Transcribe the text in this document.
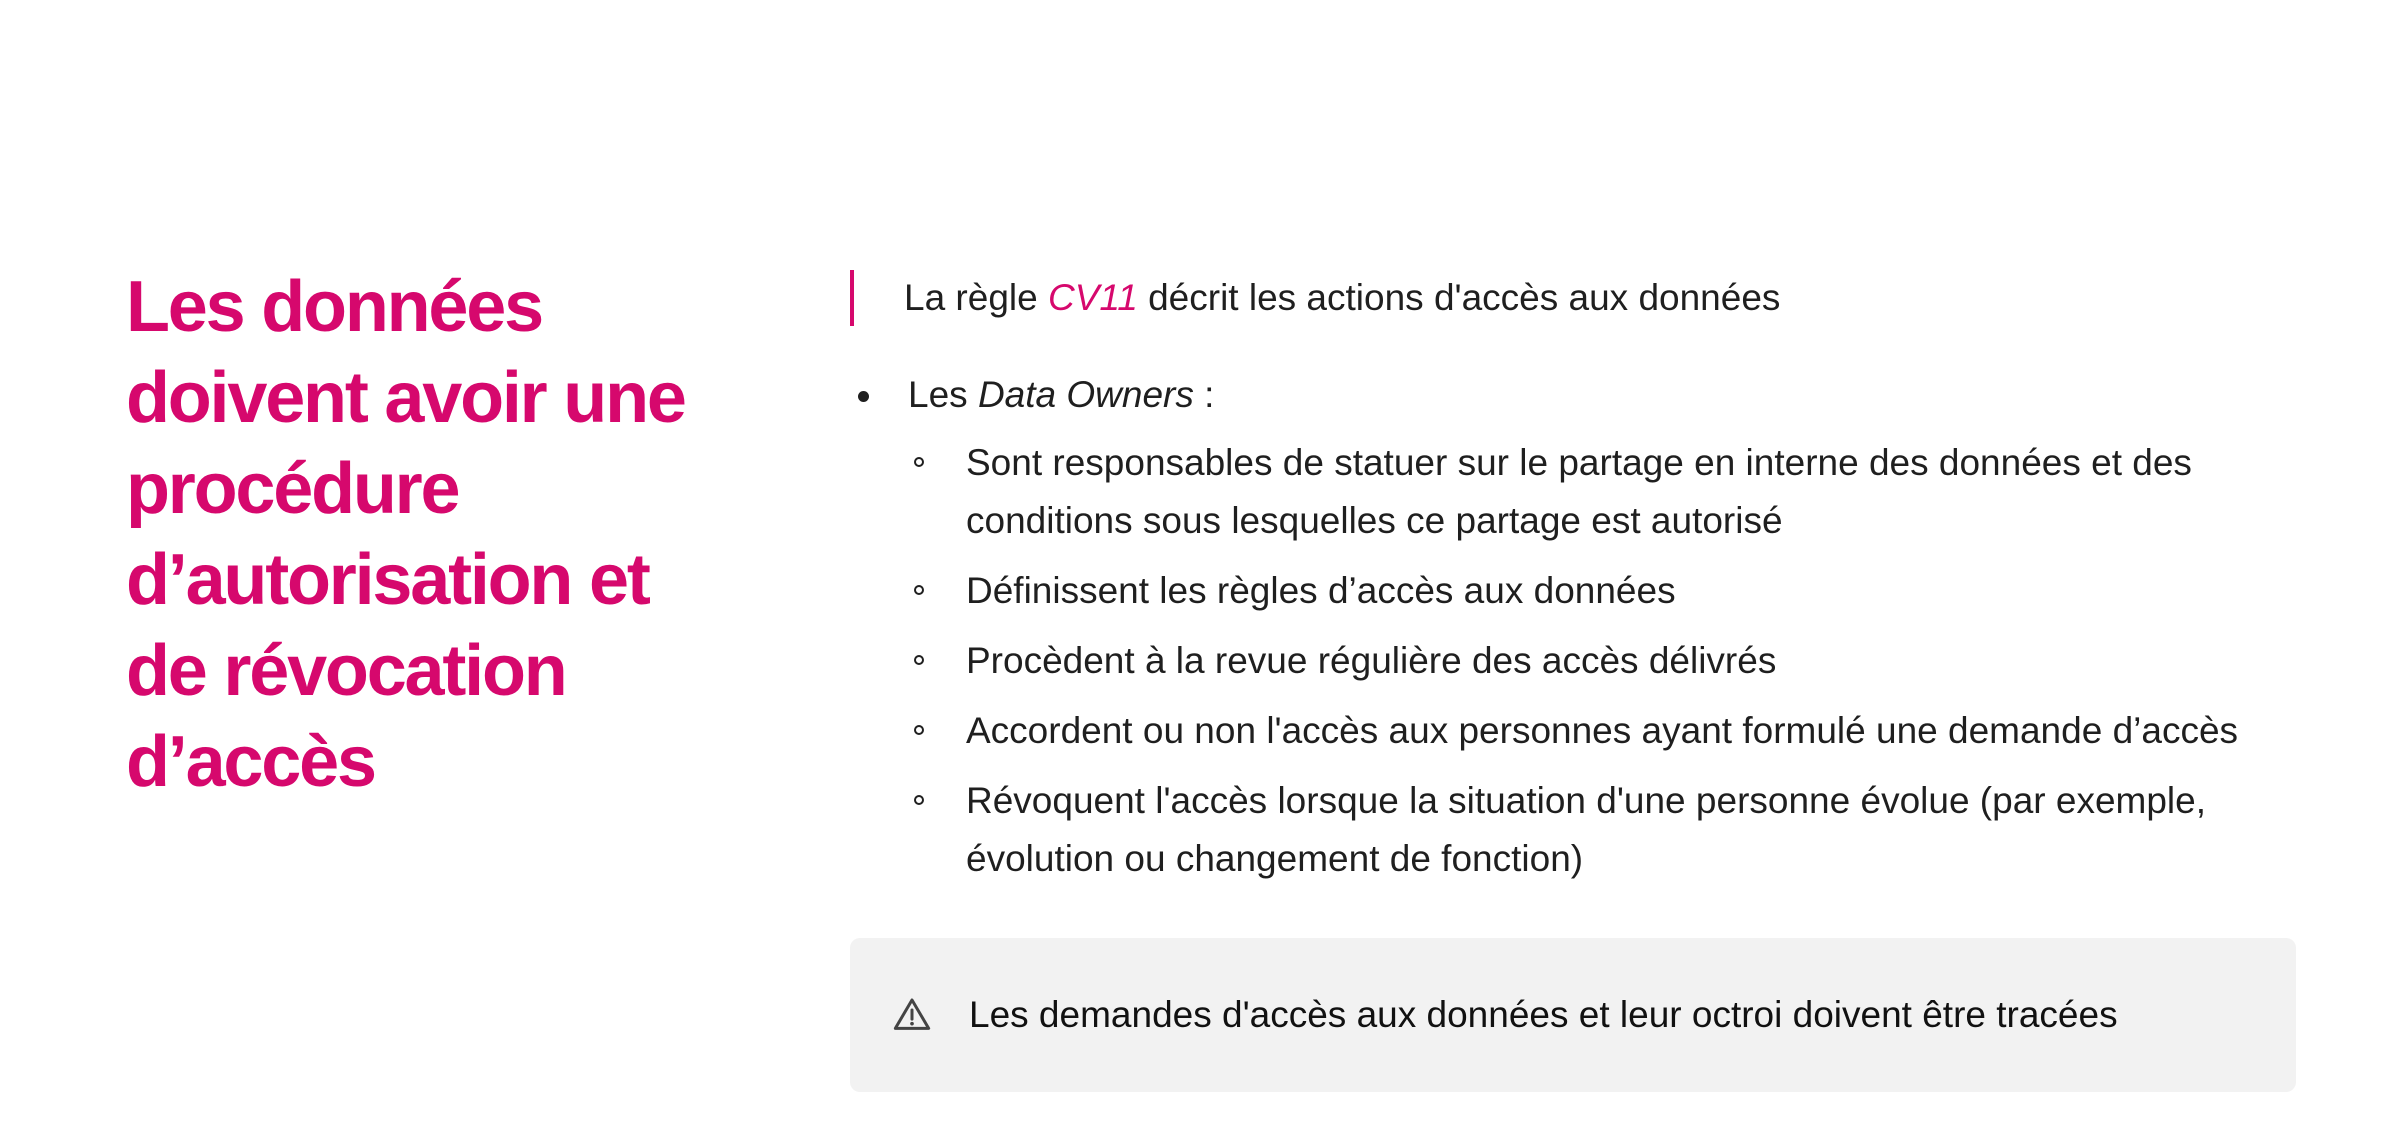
Les données doivent avoir une procédure d’autorisation et de révocation d’accès
La règle CV11 décrit les actions d'accès aux données
Les Data Owners :
Sont responsables de statuer sur le partage en interne des données et des conditions sous lesquelles ce partage est autorisé
Définissent les règles d’accès aux données
Procèdent à la revue régulière des accès délivrés
Accordent ou non l'accès aux personnes ayant formulé une demande d’accès
Révoquent l'accès lorsque la situation d'une personne évolue (par exemple, évolution ou changement de fonction)
Les demandes d'accès aux données et leur octroi doivent être tracées
